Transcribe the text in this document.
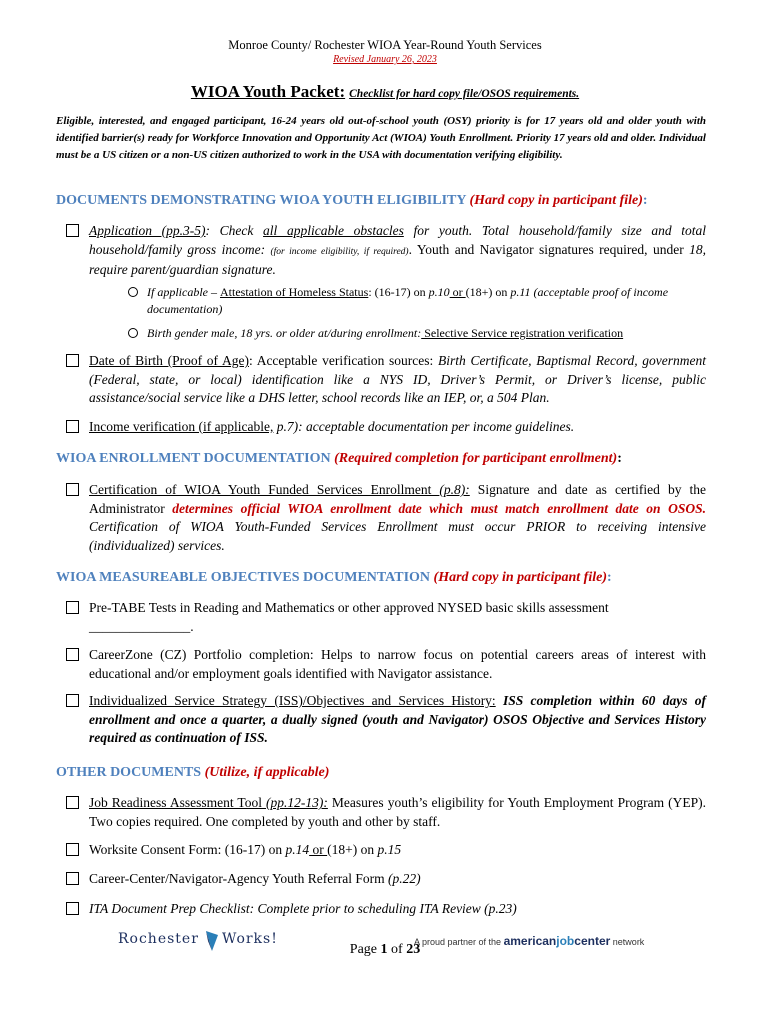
Monroe County/ Rochester WIOA Year-Round Youth Services
Revised January 26, 2023
WIOA Youth Packet: Checklist for hard copy file/OSOS requirements.
Eligible, interested, and engaged participant, 16-24 years old out-of-school youth (OSY) priority is for 17 years old and older youth with identified barrier(s) ready for Workforce Innovation and Opportunity Act (WIOA) Youth Enrollment. Priority 17 years old and older. Individual must be a US citizen or a non-US citizen authorized to work in the USA with documentation verifying eligibility.
DOCUMENTS DEMONSTRATING WIOA YOUTH ELIGIBILITY (Hard copy in participant file):
Application (pp.3-5): Check all applicable obstacles for youth. Total household/family size and total household/family gross income: (for income eligibility, if required). Youth and Navigator signatures required, under 18, require parent/guardian signature.
If applicable – Attestation of Homeless Status: (16-17) on p.10 or (18+) on p.11 (acceptable proof of income documentation)
Birth gender male, 18 yrs. or older at/during enrollment: Selective Service registration verification
Date of Birth (Proof of Age): Acceptable verification sources: Birth Certificate, Baptismal Record, government (Federal, state, or local) identification like a NYS ID, Driver’s Permit, or Driver’s license, public assistance/social service like a DHS letter, school records like an IEP, or, a 504 Plan.
Income verification (if applicable, p.7): acceptable documentation per income guidelines.
WIOA ENROLLMENT DOCUMENTATION (Required completion for participant enrollment):
Certification of WIOA Youth Funded Services Enrollment (p.8): Signature and date as certified by the Administrator determines official WIOA enrollment date which must match enrollment date on OSOS. Certification of WIOA Youth-Funded Services Enrollment must occur PRIOR to receiving intensive (individualized) services.
WIOA MEASUREABLE OBJECTIVES DOCUMENTATION (Hard copy in participant file):
Pre-TABE Tests in Reading and Mathematics or other approved NYSED basic skills assessment
_______________.
CareerZone (CZ) Portfolio completion: Helps to narrow focus on potential careers areas of interest with educational and/or employment goals identified with Navigator assistance.
Individualized Service Strategy (ISS)/Objectives and Services History: ISS completion within 60 days of enrollment and once a quarter, a dually signed (youth and Navigator) OSOS Objective and Services History required as continuation of ISS.
OTHER DOCUMENTS (Utilize, if applicable)
Job Readiness Assessment Tool (pp.12-13): Measures youth’s eligibility for Youth Employment Program (YEP). Two copies required. One completed by youth and other by staff.
Worksite Consent Form: (16-17) on p.14 or (18+) on p.15
Career-Center/Navigator-Agency Youth Referral Form (p.22)
ITA Document Prep Checklist: Complete prior to scheduling ITA Review (p.23)
Rochester Works!
Page 1 of 23
A proud partner of the americanjobcenter network
